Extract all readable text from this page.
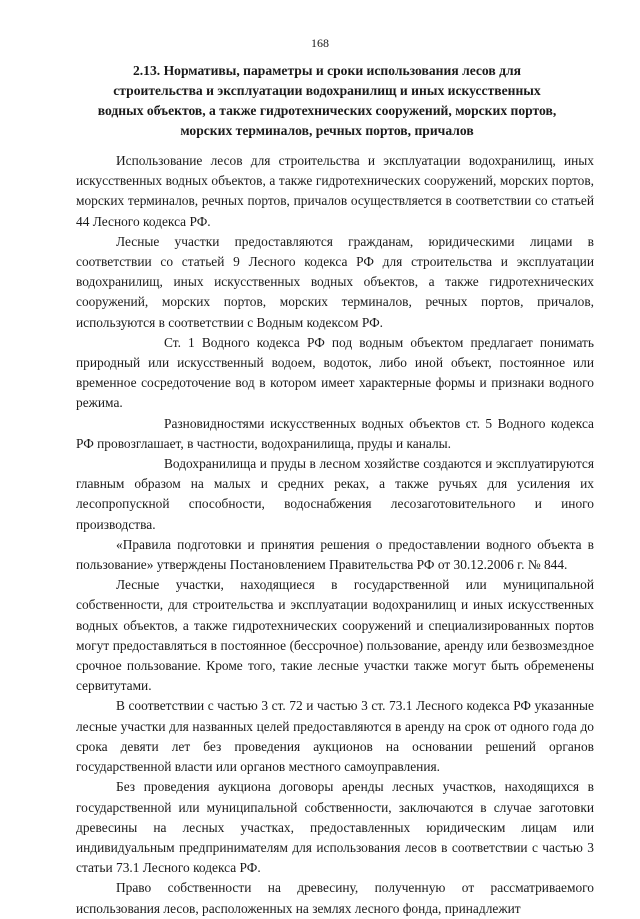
168
2.13. Нормативы, параметры и сроки использования лесов для строительства и эксплуатации водохранилищ и иных искусственных водных объектов, а также гидротехнических сооружений, морских портов, морских терминалов, речных портов, причалов

Использование лесов для строительства и эксплуатации водохранилищ, иных искусственных водных объектов, а также гидротехнических сооружений, морских портов, морских терминалов, речных портов, причалов осуществляется в соответствии со статьей 44 Лесного кодекса РФ.

Лесные участки предоставляются гражданам, юридическими лицами в соответствии со статьей 9 Лесного кодекса РФ для строительства и эксплуатации водохранилищ, иных искусственных водных объектов, а также гидротехнических сооружений, морских портов, морских терминалов, речных портов, причалов, используются в соответствии с Водным кодексом РФ.

Ст. 1 Водного кодекса РФ под водным объектом предлагает понимать природный или искусственный водоем, водоток, либо иной объект, постоянное или временное сосредоточение вод в котором имеет характерные формы и признаки водного режима.

Разновидностями искусственных водных объектов ст. 5 Водного кодекса РФ провозглашает, в частности, водохранилища, пруды и каналы.

Водохранилища и пруды в лесном хозяйстве создаются и эксплуатируются главным образом на малых и средних реках, а также ручьях для усиления их лесопропускной способности, водоснабжения лесозаготовительного и иного производства.

«Правила подготовки и принятия решения о предоставлении водного объекта в пользование» утверждены Постановлением Правительства РФ от 30.12.2006 г. № 844.

Лесные участки, находящиеся в государственной или муниципальной собственности, для строительства и эксплуатации водохранилищ и иных искусственных водных объектов, а также гидротехнических сооружений и специализированных портов могут предоставляться в постоянное (бессрочное) пользование, аренду или безвозмездное срочное пользование. Кроме того, такие лесные участки также могут быть обременены сервитутами.

В соответствии с частью 3 ст. 72 и частью 3 ст. 73.1 Лесного кодекса РФ указанные лесные участки для названных целей предоставляются в аренду на срок от одного года до срока девяти лет без проведения аукционов на основании решений органов государственной власти или органов местного самоуправления.

Без проведения аукциона договоры аренды лесных участков, находящихся в государственной или муниципальной собственности, заключаются в случае заготовки древесины на лесных участках, предоставленных юридическим лицам или индивидуальным предпринимателям для использования лесов в соответствии с частью 3 статьи 73.1 Лесного кодекса РФ.

Право собственности на древесину, полученную от рассматриваемого использования лесов, расположенных на землях лесного фонда, принадлежит
